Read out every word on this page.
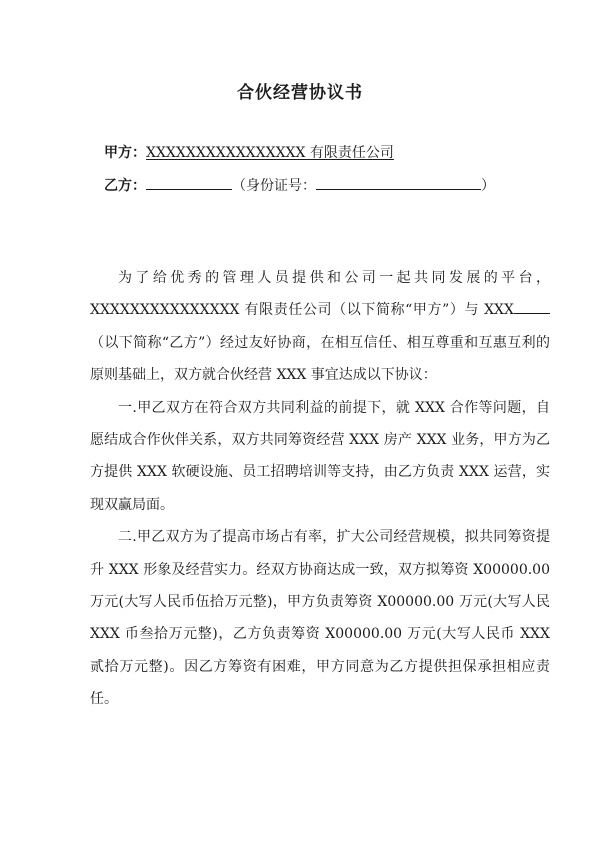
合伙经营协议书
甲方：XXXXXXXXXXXXXXXX 有限责任公司
乙方：	（身份证号：	）

为了给优秀的管理人员提供和公司一起共同发展的平台，XXXXXXXXXXXXXXX 有限责任公司（以下简称“甲方”）与 XXX（以下简称“乙方”）经过友好协商，在相互信任、相互尊重和互惠互利的原则基础上，双方就合伙经营 XXX 事宜达成以下协议：

一.甲乙双方在符合双方共同利益的前提下，就 XXX 合作等问题，自愿结成合作伙伴关系，双方共同筹资经营 XXX 房产 XXX 业务，甲方为乙方提供 XXX 软硬设施、员工招聘培训等支持，由乙方负责 XXX 运营，实现双赢局面。

二.甲乙双方为了提高市场占有率，扩大公司经营规模，拟共同筹资提升 XXX 形象及经营实力。经双方协商达成一致，双方拟筹资 X00000.00 万元(大写人民币伍拾万元整)，甲方负责筹资 X00000.00 万元(大写人民 XXX 币叁拾万元整)，乙方负责筹资 X00000.00 万元(大写人民币 XXX 贰拾万元整)。因乙方筹资有困难，甲方同意为乙方提供担保承担相应责任。
